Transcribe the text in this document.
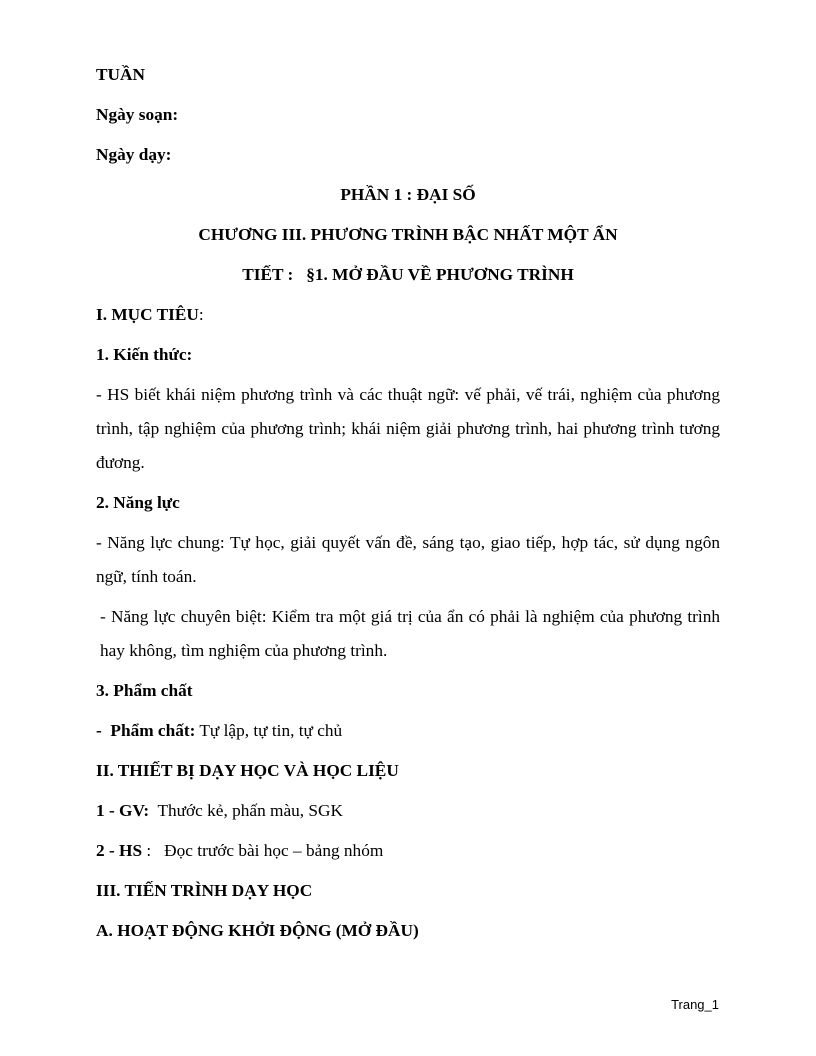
TUẦN
Ngày soạn:
Ngày dạy:
PHẦN 1 : ĐẠI SỐ
CHƯƠNG III. PHƯƠNG TRÌNH BẬC NHẤT MỘT ẨN
TIẾT :   §1. MỞ ĐẦU VỀ PHƯƠNG TRÌNH
I. MỤC TIÊU:
1. Kiến thức:
- HS biết khái niệm phương trình và các thuật ngữ: vế phải, vế trái, nghiệm của phương trình, tập nghiệm của phương trình; khái niệm giải phương trình, hai phương trình tương đương.
2. Năng lực
- Năng lực chung: Tự học, giải quyết vấn đề, sáng tạo, giao tiếp, hợp tác, sử dụng ngôn ngữ, tính toán.
- Năng lực chuyên biệt: Kiểm tra một giá trị của ẩn có phải là nghiệm của phương trình hay không, tìm nghiệm của phương trình.
3. Phẩm chất
-  Phẩm chất: Tự lập, tự tin, tự chủ
II. THIẾT BỊ DẠY HỌC VÀ HỌC LIỆU
1 - GV:  Thước kẻ, phấn màu, SGK
2 - HS :   Đọc trước bài học – bảng nhóm
III. TIẾN TRÌNH DẠY HỌC
A. HOẠT ĐỘNG KHỞI ĐỘNG (MỞ ĐẦU)
Trang_1
